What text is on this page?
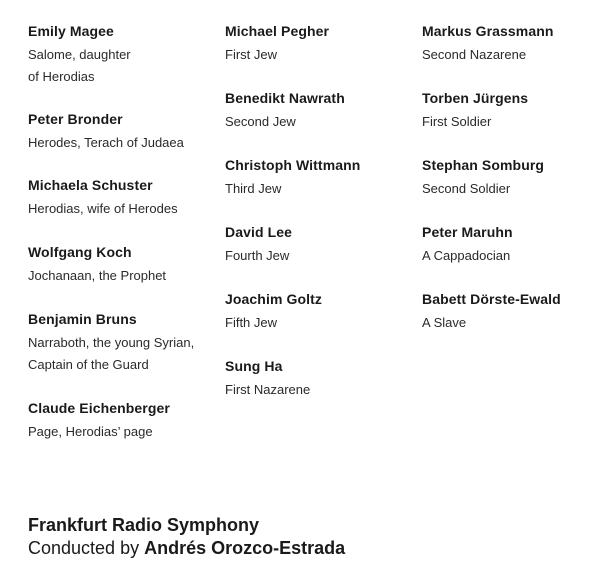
Emily Magee
Salome, daughter
of Herodias
Peter Bronder
Herodes, Terach of Judaea
Michaela Schuster
Herodias, wife of Herodes
Wolfgang Koch
Jochanaan, the Prophet
Benjamin Bruns
Narraboth, the young Syrian,
Captain of the Guard
Claude Eichenberger
Page, Herodias’ page
Michael Pegher
First Jew
Benedikt Nawrath
Second Jew
Christoph Wittmann
Third Jew
David Lee
Fourth Jew
Joachim Goltz
Fifth Jew
Sung Ha
First Nazarene
Markus Grassmann
Second Nazarene
Torben Jürgens
First Soldier
Stephan Somburg
Second Soldier
Peter Maruhn
A Cappadocian
Babett Dörste-Ewald
A Slave
Frankfurt Radio Symphony
Conducted by Andrés Orozco-Estrada
